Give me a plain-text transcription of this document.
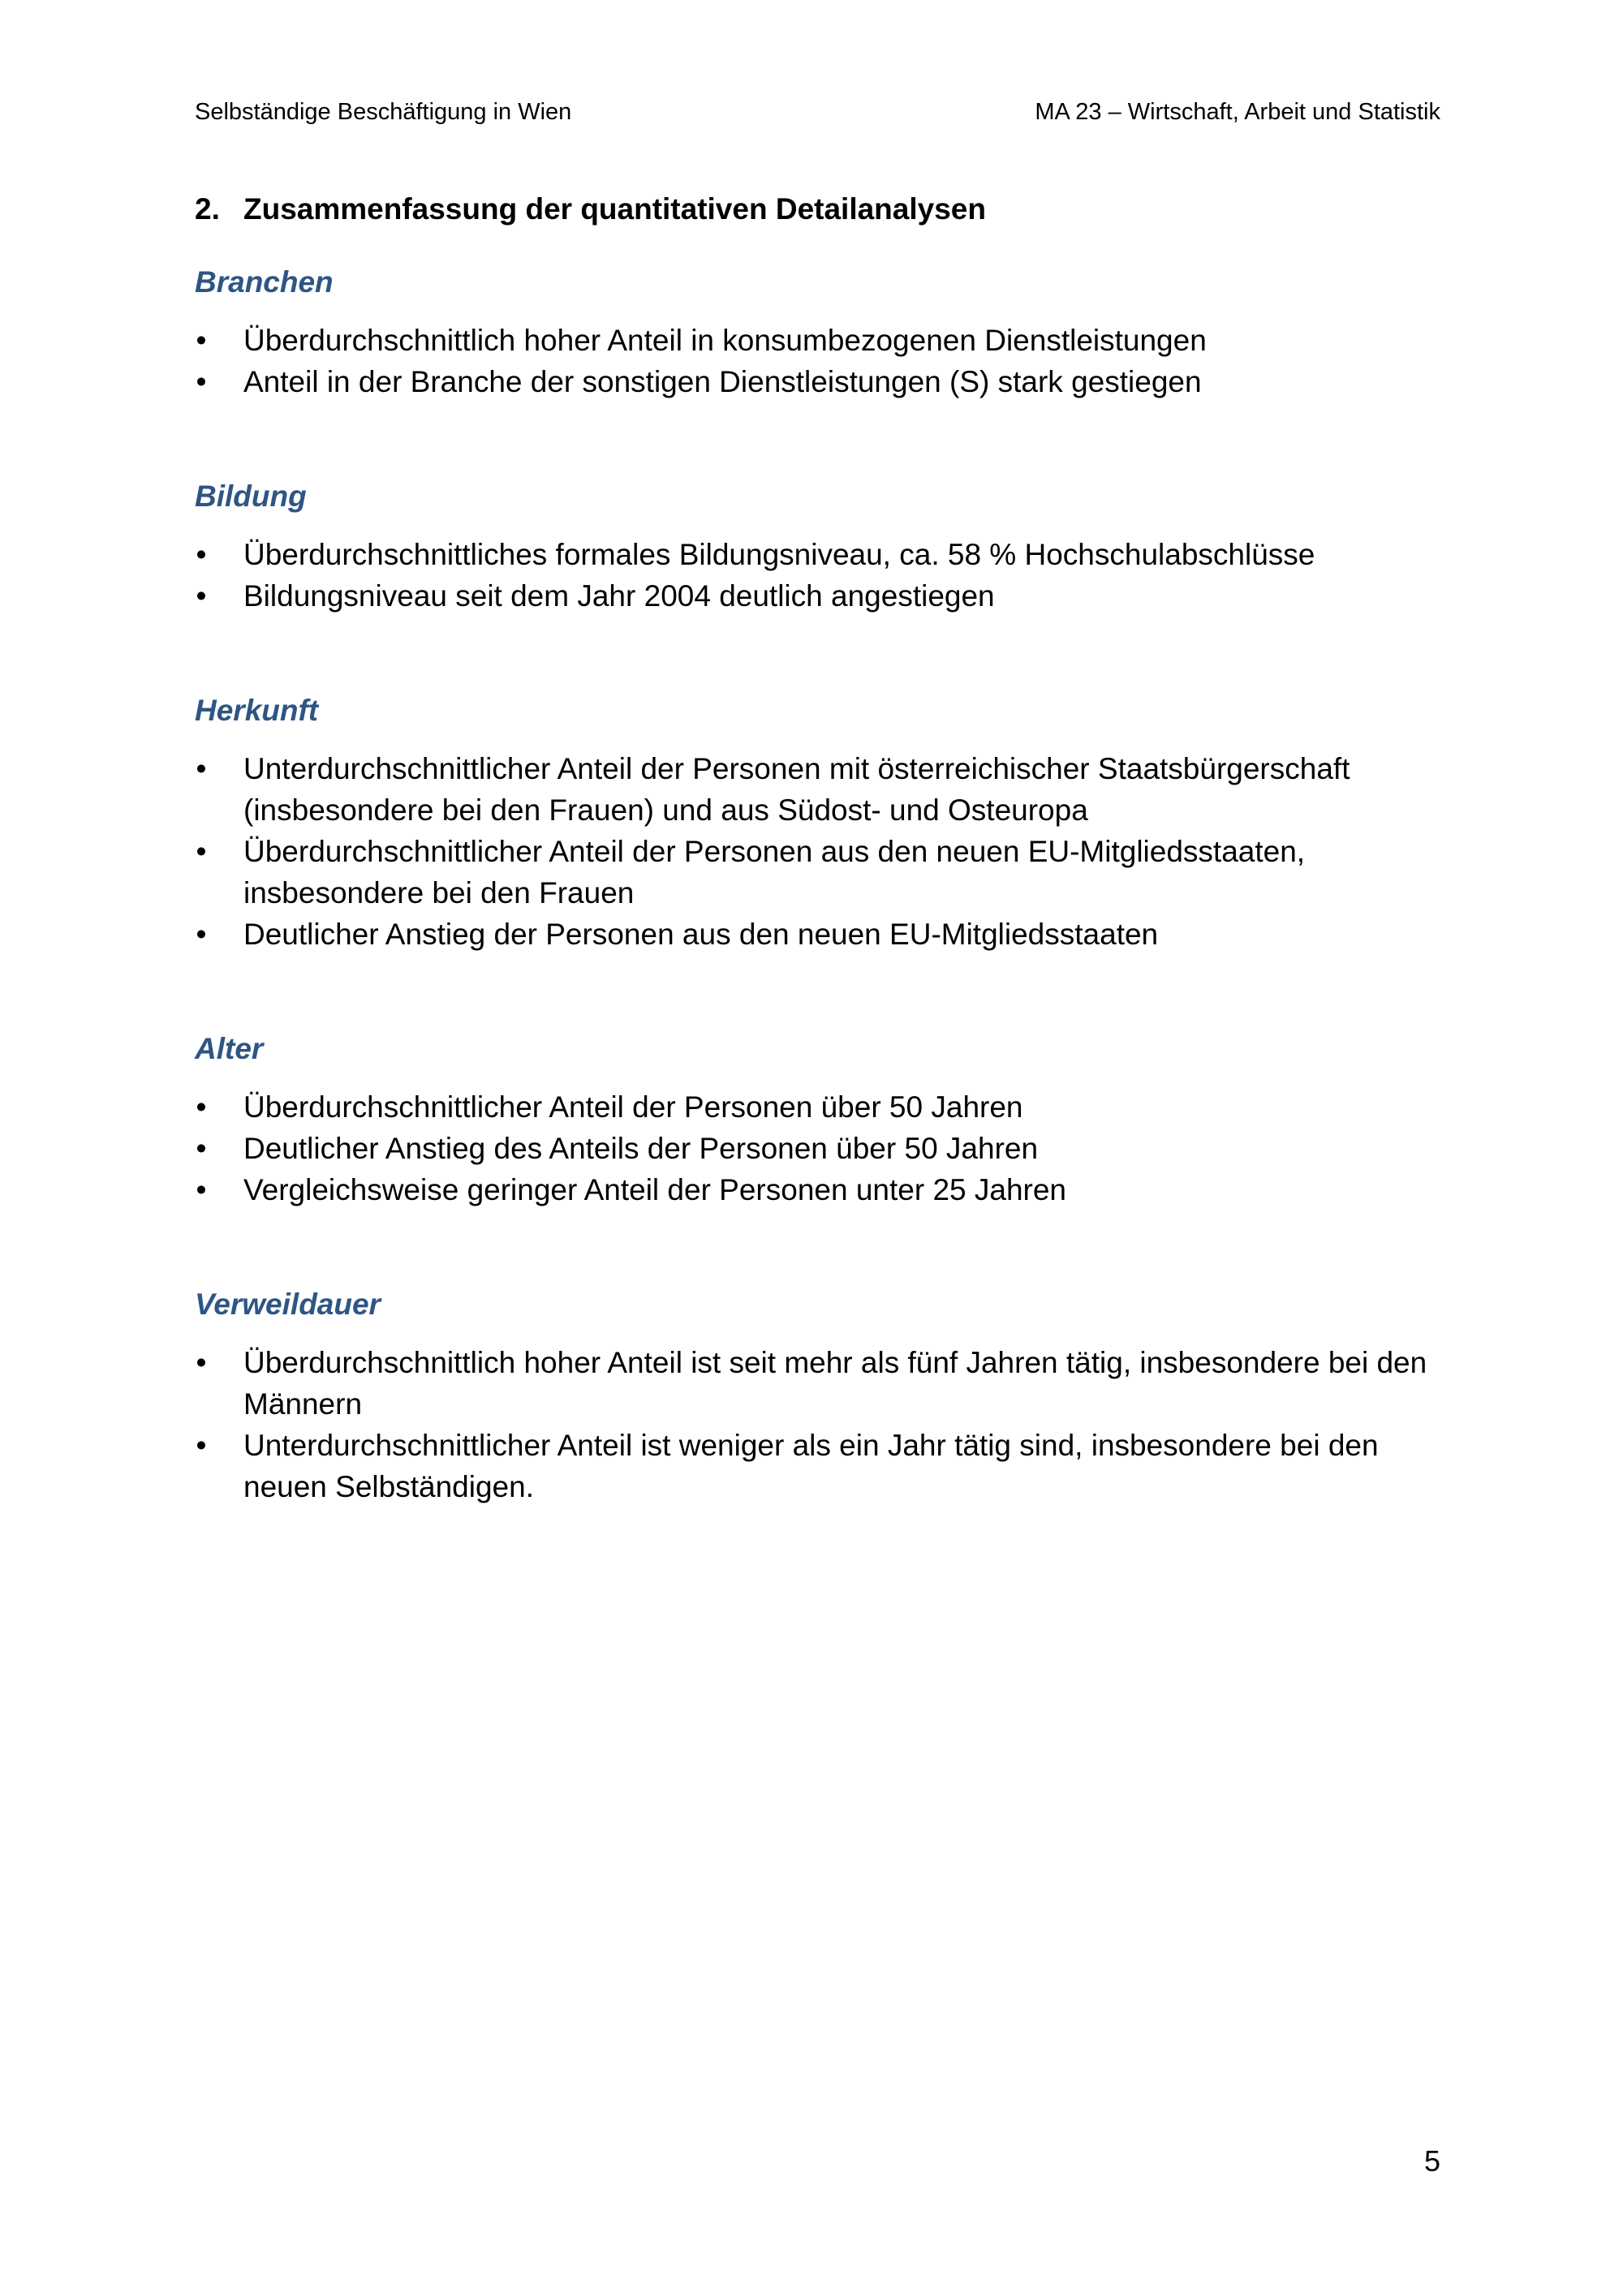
Selbständige Beschäftigung in Wien	MA 23 – Wirtschaft, Arbeit und Statistik
2. Zusammenfassung der quantitativen Detailanalysen
Branchen
• Überdurchschnittlich hoher Anteil in konsumbezogenen Dienstleistungen
• Anteil in der Branche der sonstigen Dienstleistungen (S) stark gestiegen
Bildung
• Überdurchschnittliches formales Bildungsniveau, ca. 58 % Hochschulabschlüsse
• Bildungsniveau seit dem Jahr 2004 deutlich angestiegen
Herkunft
• Unterdurchschnittlicher Anteil der Personen mit österreichischer Staatsbürgerschaft (insbesondere bei den Frauen) und aus Südost- und Osteuropa
• Überdurchschnittlicher Anteil der Personen aus den neuen EU-Mitgliedsstaaten, insbesondere bei den Frauen
• Deutlicher Anstieg der Personen aus den neuen EU-Mitgliedsstaaten
Alter
• Überdurchschnittlicher Anteil der Personen über 50 Jahren
• Deutlicher Anstieg des Anteils der Personen über 50 Jahren
• Vergleichsweise geringer Anteil der Personen unter 25 Jahren
Verweildauer
• Überdurchschnittlich hoher Anteil ist seit mehr als fünf Jahren tätig, insbesondere bei den Männern
• Unterdurchschnittlicher Anteil ist weniger als ein Jahr tätig sind, insbesondere bei den neuen Selbständigen.
5
